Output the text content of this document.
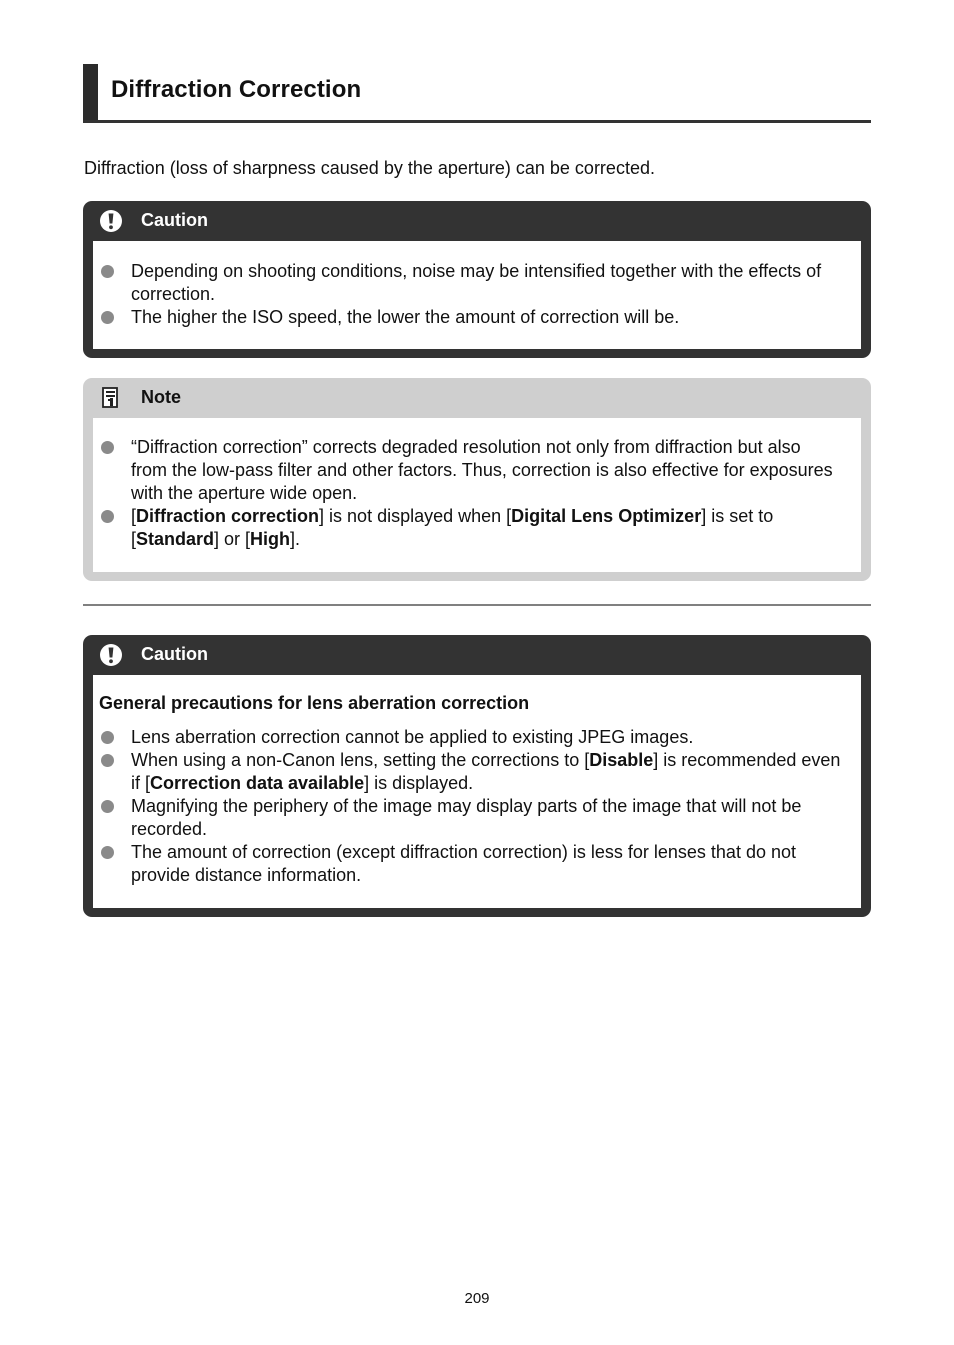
Diffraction Correction

Diffraction (loss of sharpness caused by the aperture) can be corrected.

Caution
Depending on shooting conditions, noise may be intensified together with the effects of correction.
The higher the ISO speed, the lower the amount of correction will be.
Note
“Diffraction correction” corrects degraded resolution not only from diffraction but also from the low-pass filter and other factors. Thus, correction is also effective for exposures with the aperture wide open.
[Diffraction correction] is not displayed when [Digital Lens Optimizer] is set to [Standard] or [High].
Caution

General precautions for lens aberration correction

Lens aberration correction cannot be applied to existing JPEG images.
When using a non-Canon lens, setting the corrections to [Disable] is recommended even if [Correction data available] is displayed.
Magnifying the periphery of the image may display parts of the image that will not be recorded.
The amount of correction (except diffraction correction) is less for lenses that do not provide distance information.
209
